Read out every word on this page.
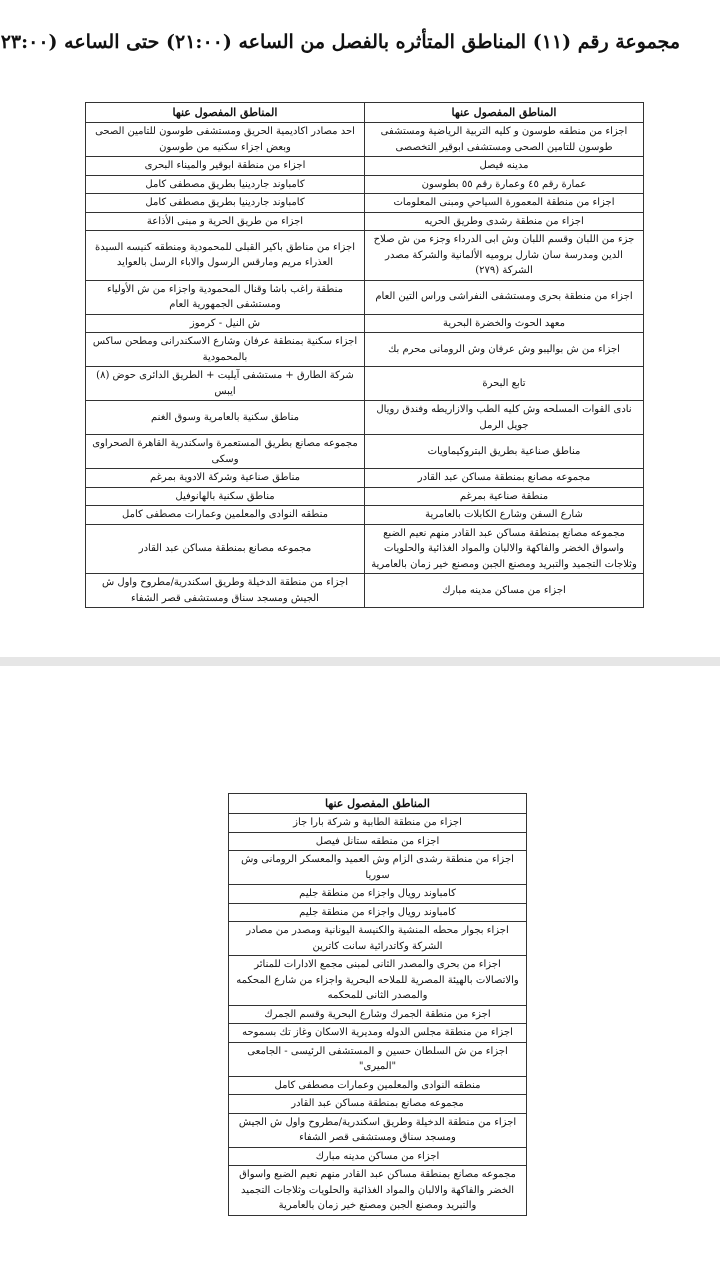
مجموعة رقم (١١) المناطق المتأثره بالفصل من الساعه (٢١:٠٠) حتى الساعه (٢٣:٠٠
المناطق المفصول عنها	المناطق المفصول عنها
اجزاء من منطقه طوسون و كليه التربية الرياضية ومستشفى طوسون للتامين الصحى ومستشفى ابوقير التخصصى	احد مصادر اكاديمية الحريق ومستشفى طوسون للتامين الصحى وبعض اجزاء سكنيه من طوسون
مدينه فيصل	اجزاء من منطقة ابوقير والميناء البحرى
عمارة رقم ٤٥ وعمارة رقم ٥٥ بطوسون	كامباوند جاردينيا بطريق مصطفى كامل
اجزاء من منطقة المعمورة السياحي ومبنى المعلومات	كامباوند جاردينيا بطريق مصطفى كامل
اجزاء من منطقة رشدى وطريق الحريه	اجزاء من طريق الحرية و مبنى الأذاعة
جزء من اللبان وقسم اللبان وش ابى الدرداء وجزء من ش صلاح الدين ومدرسة سان شارل بروميه الألمانية والشركة مصدر الشركة (٢٧٩)	اجزاء من مناطق باكير القبلى للمحمودية ومنطقه كنيسه السيدة العذراء مريم ومارقس الرسول والاباء الرسل بالعوايد
اجزاء من منطقة بحرى ومستشفى النفراشى وراس التين العام	منطقة راغب باشا وقنال المحمودية واجزاء من ش الأولياء ومستشفى الجمهورية العام
معهد الحوث والخضرة البحرية	ش النيل - كرموز
اجزاء من ش بواليبو وش عرفان وش الرومانى محرم بك	اجزاء سكنية بمنطقة عرفان وشارع الاسكندرانى ومطحن ساكس بالمحمودية
تابع البحرة	شركة الطارق + مستشفى آيليت + الطريق الدائرى حوض (٨) ايبس
نادى القوات المسلحه وش كليه الطب والازاريطه وفندق رويال جويل الرمل	مناطق سكنية بالعامرية وسوق الغنم
مناطق صناعية بطريق البتروكيماويات	مجموعه مصانع بطريق المستعمرة واسكندرية القاهرة الصحراوى وسكى
مجموعه مصانع بمنطقة مساكن عبد القادر	مناطق صناعية وشركة الادوية بمرغم
منطقة صناعية بمرغم	مناطق سكنية بالهانوفيل
شارع السفن وشارع الكابلات بالعامرية	منطقه النوادى والمعلمين وعمارات مصطفى كامل
مجموعه مصانع بمنطقة مساكن عبد القادر منهم نعيم الضبع واسواق الخضر والفاكهة والالبان والمواد الغذائية والحلويات وثلاجات التجميد والتبريد ومصنع الجبن ومصنع خير زمان بالعامرية	مجموعه مصانع بمنطقة مساكن عبد القادر
اجزاء من مساكن مدينه مبارك	اجزاء من منطقة الدخيلة وطريق اسكندرية/مطروح واول ش الجيش ومسجد سناق ومستشفى قصر الشفاء
المناطق المفصول عنها
اجزاء من منطقة الطابية و شركة بارا جاز
اجزاء من منطقه ستانل فيصل
اجزاء من منطقة رشدى الزام وش العميد والمعسكر الرومانى وش سوريا
كامباوند رويال واجزاء من منطقة جليم
كامباوند رويال واجزاء من منطقة جليم
اجزاء بجوار محطه المنشية والكنيسة اليونانية ومصدر من مصادر الشركة وكاتدرائية سانت كاترين
اجزاء من بحرى والمصدر الثانى لمبنى مجمع الادارات للمنائر والاتصالات بالهيئة المصرية للملاحه البحرية واجزاء من شارع المحكمه والمصدر الثانى للمحكمه
اجزء من منطقة الجمرك وشارع البحرية وقسم الجمرك
اجزاء من منطقة مجلس الدوله ومديرية الاسكان وغاز تك بسموحه
اجزاء من ش السلطان حسين و المستشفى الرئيسى - الجامعى "الميرى"
منطقه النوادى والمعلمين وعمارات مصطفى كامل
مجموعه مصانع بمنطقة مساكن عبد القادر
اجزاء من منطقة الدخيلة وطريق اسكندرية/مطروح واول ش الجيش ومسجد سناق ومستشفى قصر الشفاء
اجزاء من مساكن مدينه مبارك
مجموعه مصانع بمنطقة مساكن عبد القادر منهم نعيم الضبع واسواق الخضر والفاكهة والالبان والمواد الغذائية والحلويات وثلاجات التجميد والتبريد ومصنع الجبن ومصنع خير زمان بالعامرية
